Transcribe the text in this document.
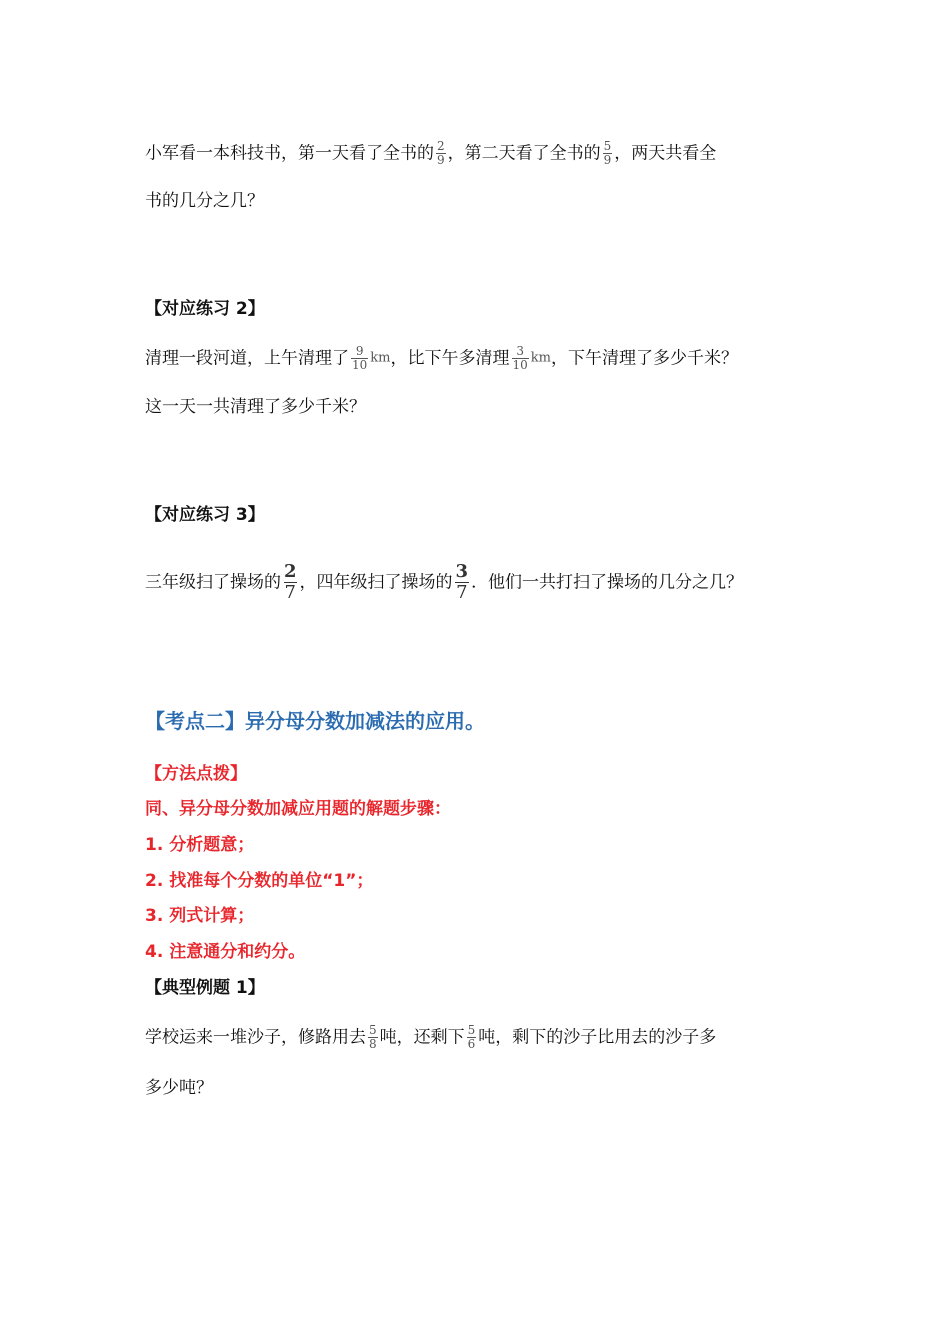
小军看一本科技书，第一天看了全书的 $\frac{2}{9}$ ，第二天看了全书的 $\frac{5}{9}$ ，两天共看全
书的几分之几？
【对应练习 2】
清理一段河道，上午清理了 $\frac{9}{10}$ km，比下午多清理 $\frac{3}{10}$ km，下午清理了多少千米？
这一天一共清理了多少千米？
【对应练习 3】
三年级扫了操场的 $\frac{2}{7}$ ，四年级扫了操场的 $\frac{3}{7}$ ．他们一共打扫了操场的几分之几？
【考点二】异分母分数加减法的应用。
【方法点拨】
同、异分母分数加减应用题的解题步骤：
1. 分析题意；
2. 找准每个分数的单位“1”；
3. 列式计算；
4. 注意通分和约分。
【典型例题 1】
学校运来一堆沙子，修路用去 $\frac{5}{8}$ 吨，还剩下 $\frac{5}{6}$ 吨，剩下的沙子比用去的沙子多
多少吨？
